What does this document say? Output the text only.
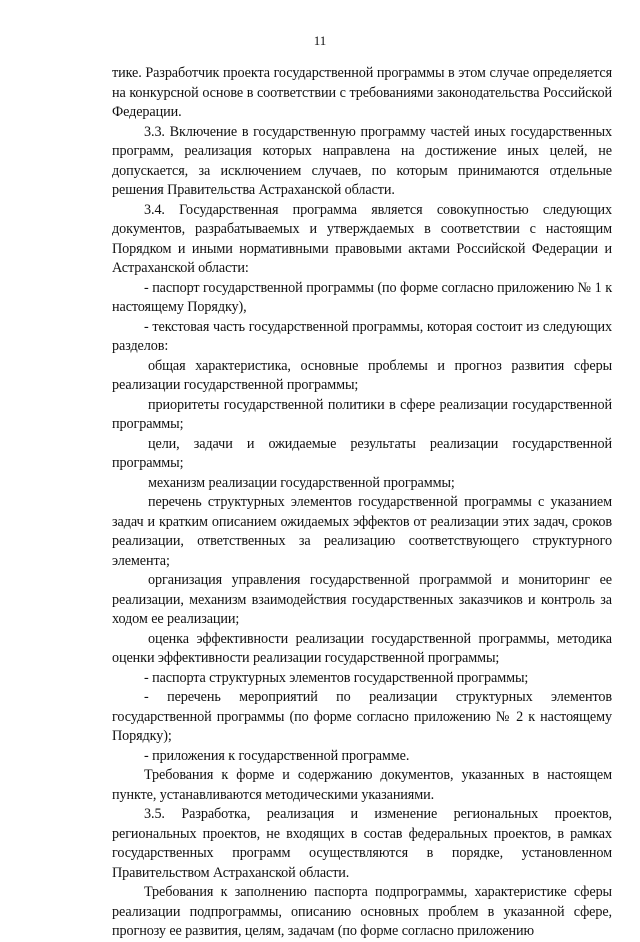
11

тике. Разработчик проекта государственной программы в этом случае определяется на конкурсной основе в соответствии с требованиями законодательства Российской Федерации.

3.3. Включение в государственную программу частей иных государственных программ, реализация которых направлена на достижение иных целей, не допускается, за исключением случаев, по которым принимаются отдельные решения Правительства Астраханской области.

3.4. Государственная программа является совокупностью следующих документов, разрабатываемых и утверждаемых в соответствии с настоящим Порядком и иными нормативными правовыми актами Российской Федерации и Астраханской области:

- паспорт государственной программы (по форме согласно приложению № 1 к настоящему Порядку),

- текстовая часть государственной программы, которая состоит из следующих разделов:

общая характеристика, основные проблемы и прогноз развития сферы реализации государственной программы;

приоритеты государственной политики в сфере реализации государственной программы;

цели, задачи и ожидаемые результаты реализации государственной программы;

механизм реализации государственной программы;

перечень структурных элементов государственной программы с указанием задач и кратким описанием ожидаемых эффектов от реализации этих задач, сроков реализации, ответственных за реализацию соответствующего структурного элемента;

организация управления государственной программой и мониторинг ее реализации, механизм взаимодействия государственных заказчиков и контроль за ходом ее реализации;

оценка эффективности реализации государственной программы, методика оценки эффективности реализации государственной программы;

- паспорта структурных элементов государственной программы;

- перечень мероприятий по реализации структурных элементов государственной программы (по форме согласно приложению № 2 к настоящему Порядку);

- приложения к государственной программе.

Требования к форме и содержанию документов, указанных в настоящем пункте, устанавливаются методическими указаниями.

3.5. Разработка, реализация и изменение региональных проектов, региональных проектов, не входящих в состав федеральных проектов, в рамках государственных программ осуществляются в порядке, установленном Правительством Астраханской области.

Требования к заполнению паспорта подпрограммы, характеристике сферы реализации подпрограммы, описанию основных проблем в указанной сфере, прогнозу ее развития, целям, задачам (по форме согласно приложению
